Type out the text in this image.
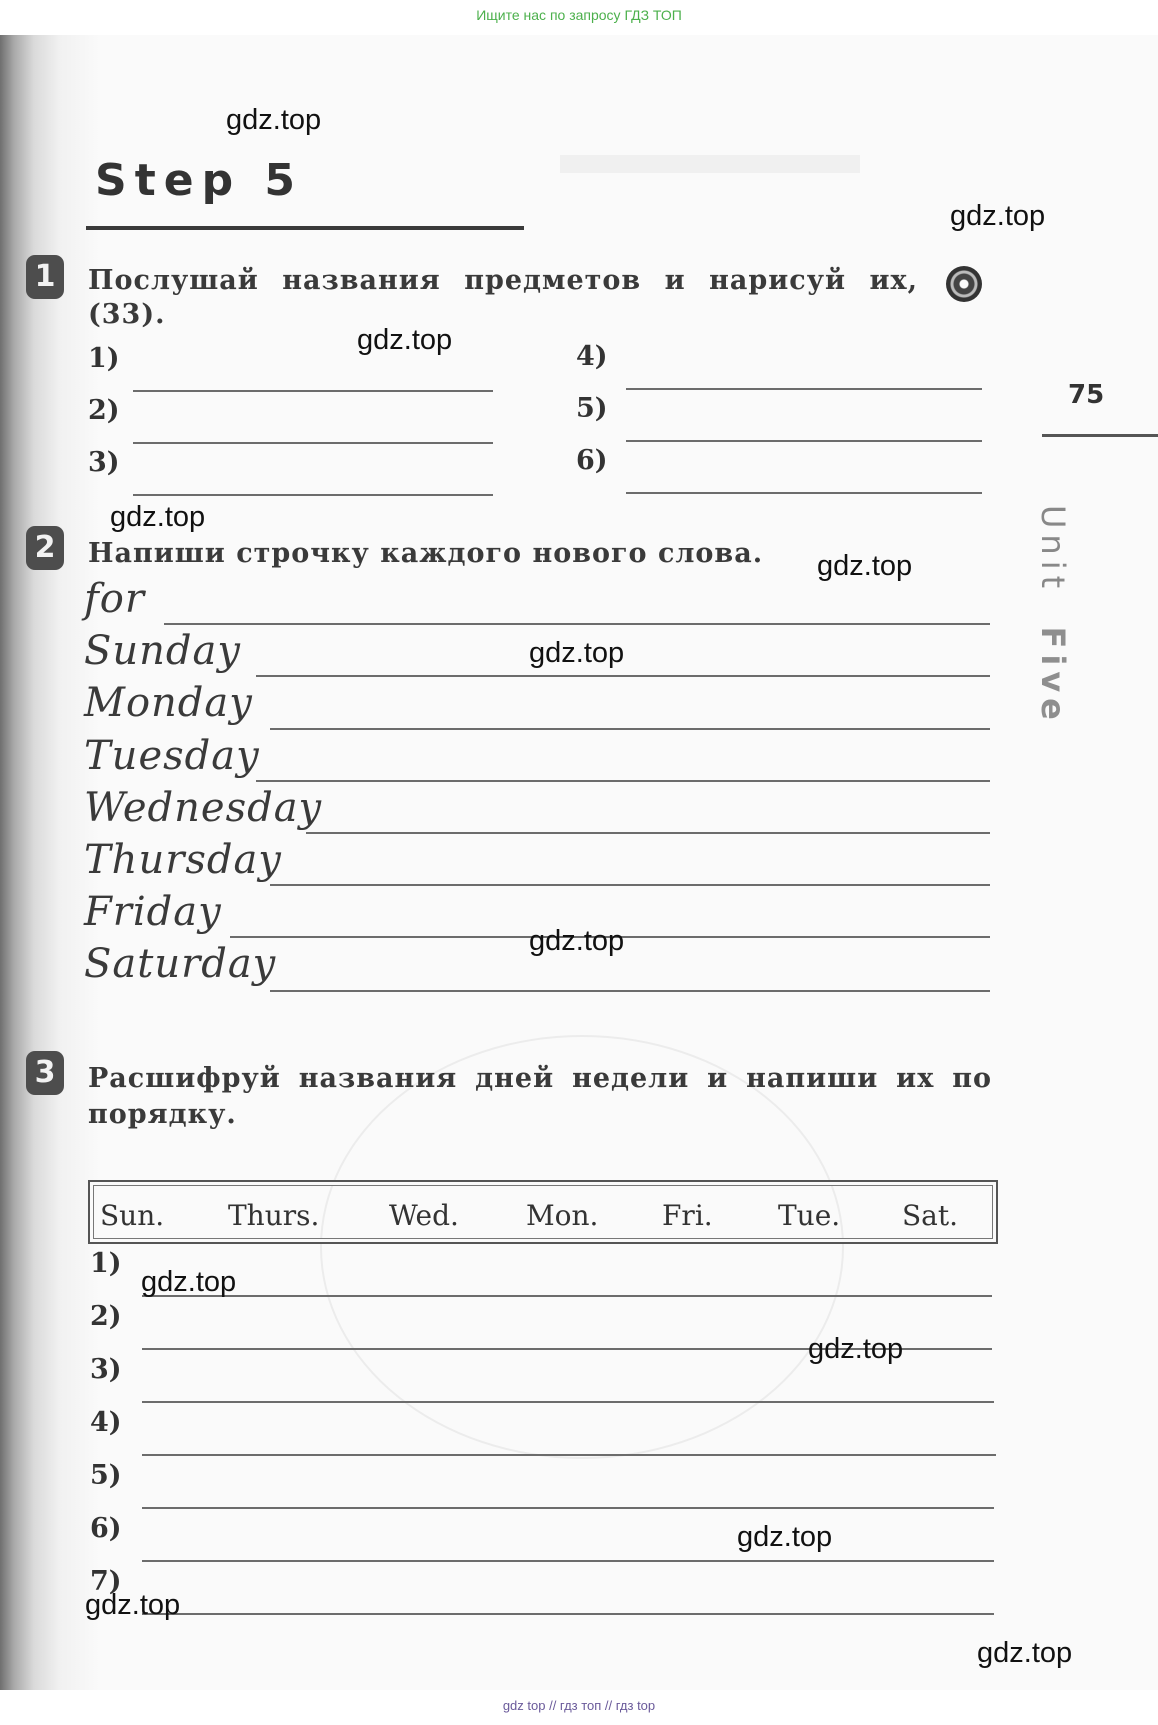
Ищите нас по запросу ГДЗ ТОП
Step 5
75
Unit  Five
1	Послушай названия предметов и нарисуй их,
(33).
1)
2)
3)
4)
5)
6)
2	Напиши строчку каждого нового слова.
for
Sunday
Monday
Tuesday
Wednesday
Thursday
Friday
Saturday
3	Расшифруй названия дней недели и напиши их по
порядку.
Sun. Thurs. Wed. Mon. Fri. Tue. Sat.
1)
2)
3)
4)
5)
6)
7)
gdz.top
gdz.top
gdz.top
gdz.top
gdz.top
gdz.top
gdz.top
gdz.top
gdz.top
gdz.top
gdz.top
gdz.top
gdz top // гдз топ // гдз top
